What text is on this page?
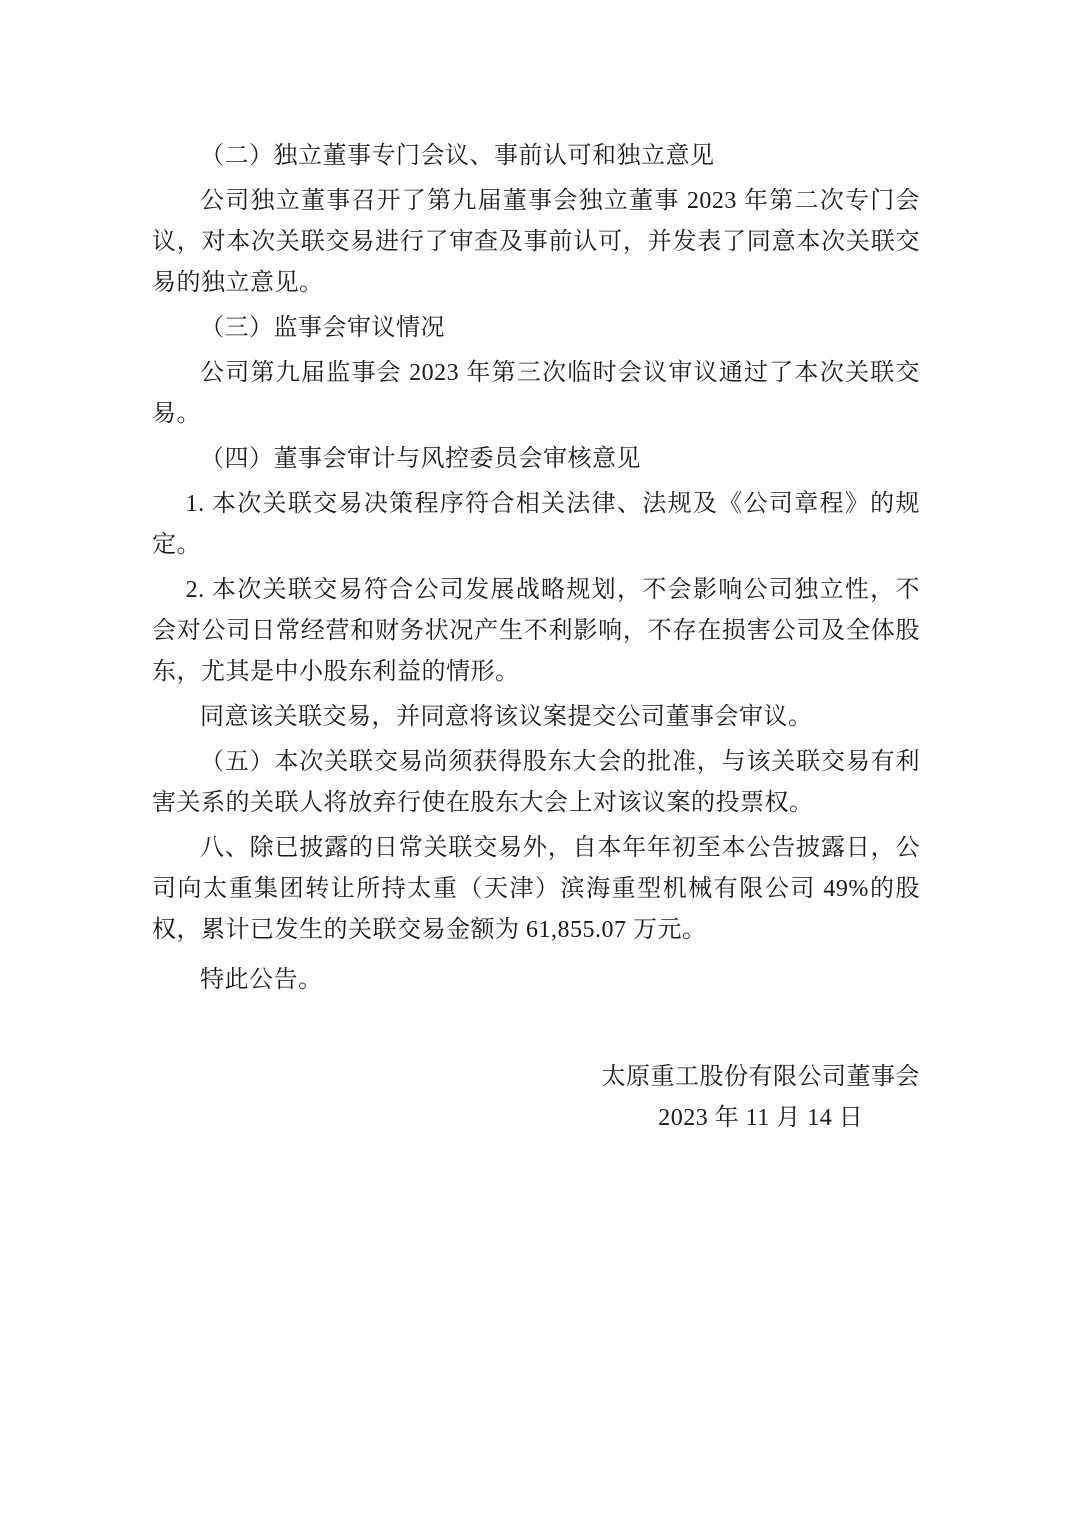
（二）独立董事专门会议、事前认可和独立意见

公司独立董事召开了第九届董事会独立董事 2023 年第二次专门会议，对本次关联交易进行了审查及事前认可，并发表了同意本次关联交易的独立意见。

（三）监事会审议情况

公司第九届监事会 2023 年第三次临时会议审议通过了本次关联交易。

（四）董事会审计与风控委员会审核意见

1. 本次关联交易决策程序符合相关法律、法规及《公司章程》的规定。

2. 本次关联交易符合公司发展战略规划，不会影响公司独立性，不会对公司日常经营和财务状况产生不利影响，不存在损害公司及全体股东，尤其是中小股东利益的情形。

同意该关联交易，并同意将该议案提交公司董事会审议。

（五）本次关联交易尚须获得股东大会的批准，与该关联交易有利害关系的关联人将放弃行使在股东大会上对该议案的投票权。

八、除已披露的日常关联交易外，自本年年初至本公告披露日，公司向太重集团转让所持太重（天津）滨海重型机械有限公司 49%的股权，累计已发生的关联交易金额为 61,855.07 万元。

特此公告。

太原重工股份有限公司董事会

2023 年 11 月 14 日
